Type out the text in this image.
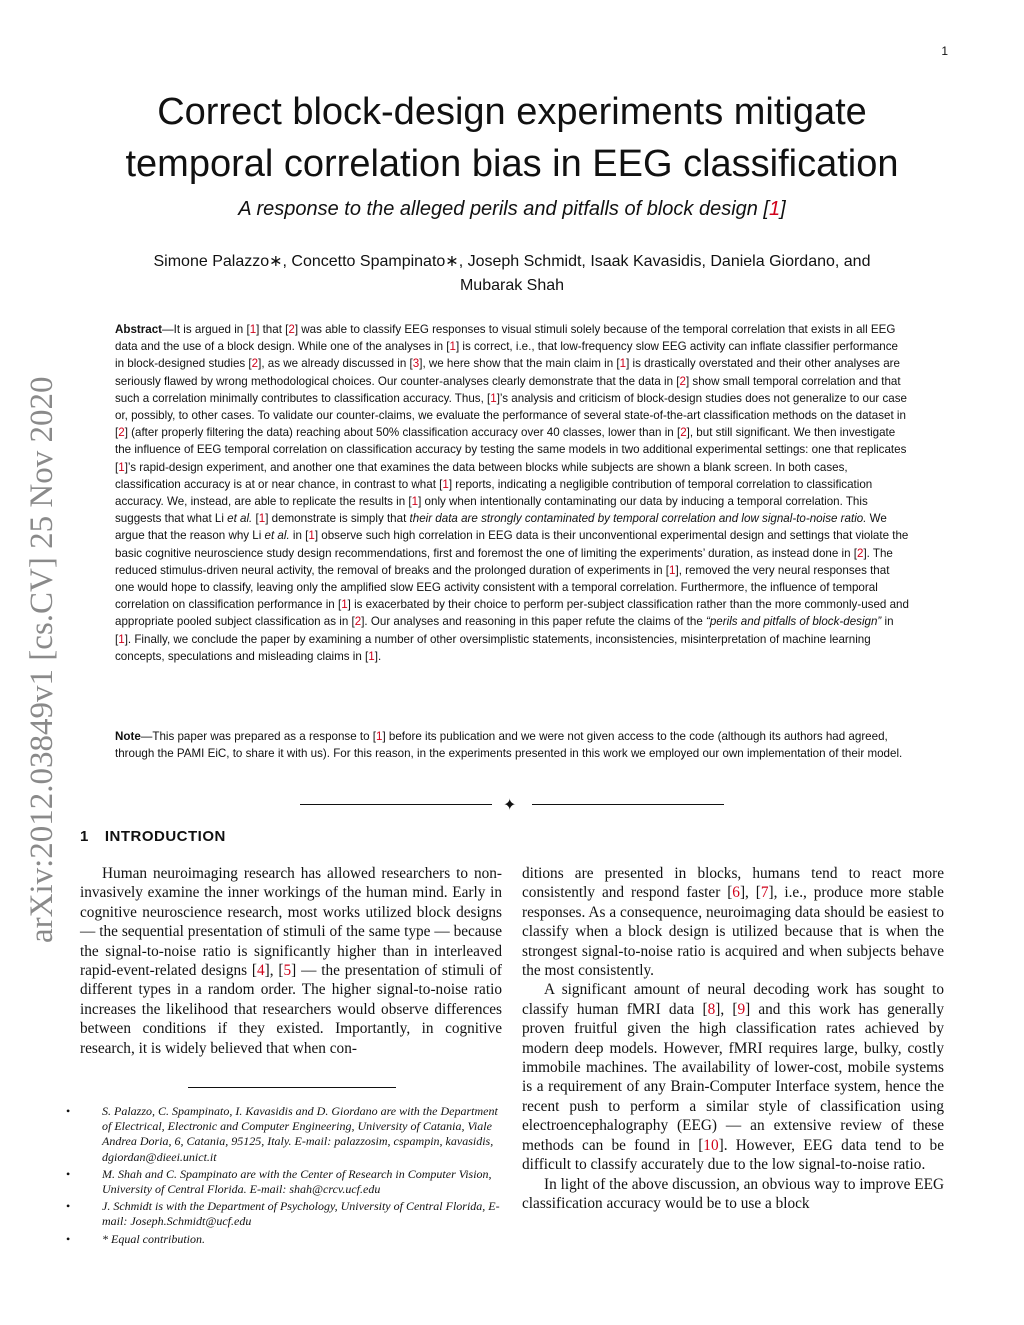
1
arXiv:2012.03849v1 [cs.CV] 25 Nov 2020
Correct block-design experiments mitigate
temporal correlation bias in EEG classification
A response to the alleged perils and pitfalls of block design [1]
Simone Palazzo∗, Concetto Spampinato∗, Joseph Schmidt, Isaak Kavasidis, Daniela Giordano, and
Mubarak Shah

Abstract—It is argued in [1] that [2] was able to classify EEG responses to visual stimuli solely because of the temporal correlation that exists in all EEG data and the use of a block design. While one of the analyses in [1] is correct, i.e., that low-frequency slow EEG activity can inflate classifier performance in block-designed studies [2], as we already discussed in [3], we here show that the main claim in [1] is drastically overstated and their other analyses are seriously flawed by wrong methodological choices. Our counter-analyses clearly demonstrate that the data in [2] show small temporal correlation and that such a correlation minimally contributes to classification accuracy. Thus, [1]’s analysis and criticism of block-design studies does not generalize to our case or, possibly, to other cases. To validate our counter-claims, we evaluate the performance of several state-of-the-art classification methods on the dataset in [2] (after properly filtering the data) reaching about 50% classification accuracy over 40 classes, lower than in [2], but still significant. We then investigate the influence of EEG temporal correlation on classification accuracy by testing the same models in two additional experimental settings: one that replicates [1]’s rapid-design experiment, and another one that examines the data between blocks while subjects are shown a blank screen. In both cases, classification accuracy is at or near chance, in contrast to what [1] reports, indicating a negligible contribution of temporal correlation to classification accuracy. We, instead, are able to replicate the results in [1] only when intentionally contaminating our data by inducing a temporal correlation. This suggests that what Li et al. [1] demonstrate is simply that their data are strongly contaminated by temporal correlation and low signal-to-noise ratio. We argue that the reason why Li et al. in [1] observe such high correlation in EEG data is their unconventional experimental design and settings that violate the basic cognitive neuroscience study design recommendations, first and foremost the one of limiting the experiments’ duration, as instead done in [2]. The reduced stimulus-driven neural activity, the removal of breaks and the prolonged duration of experiments in [1], removed the very neural responses that one would hope to classify, leaving only the amplified slow EEG activity consistent with a temporal correlation. Furthermore, the influence of temporal correlation on classification performance in [1] is exacerbated by their choice to perform per-subject classification rather than the more commonly-used and appropriate pooled subject classification as in [2]. Our analyses and reasoning in this paper refute the claims of the “perils and pitfalls of block-design” in [1]. Finally, we conclude the paper by examining a number of other oversimplistic statements, inconsistencies, misinterpretation of machine learning concepts, speculations and misleading claims in [1].

Note—This paper was prepared as a response to [1] before its publication and we were not given access to the code (although its authors had agreed, through the PAMI EiC, to share it with us). For this reason, in the experiments presented in this work we employed our own implementation of their model.

✦
1 INTRODUCTION

Human neuroimaging research has allowed researchers to non-invasively examine the inner workings of the human mind. Early in cognitive neuroscience research, most works utilized block designs — the sequential presentation of stimuli of the same type — because the signal-to-noise ratio is significantly higher than in interleaved rapid-event-related designs [4], [5] — the presentation of stimuli of different types in a random order. The higher signal-to-noise ratio increases the likelihood that researchers would observe differences between conditions if they existed. Importantly, in cognitive research, it is widely believed that when con-

ditions are presented in blocks, humans tend to react more consistently and respond faster [6], [7], i.e., produce more stable responses. As a consequence, neuroimaging data should be easiest to classify when a block design is utilized because that is when the strongest signal-to-noise ratio is acquired and when subjects behave the most consistently.

A significant amount of neural decoding work has sought to classify human fMRI data [8], [9] and this work has generally proven fruitful given the high classification rates achieved by modern deep models. However, fMRI requires large, bulky, costly immobile machines. The availability of lower-cost, mobile systems is a requirement of any Brain-Computer Interface system, hence the recent push to perform a similar style of classification using electroencephalography (EEG) — an extensive review of these methods can be found in [10]. However, EEG data tend to be difficult to classify accurately due to the low signal-to-noise ratio.

In light of the above discussion, an obvious way to improve EEG classification accuracy would be to use a block

•	S. Palazzo, C. Spampinato, I. Kavasidis and D. Giordano are with the Department of Electrical, Electronic and Computer Engineering, University of Catania, Viale Andrea Doria, 6, Catania, 95125, Italy. E-mail: palazzosim, cspampin, kavasidis, dgiordan@dieei.unict.it
•	M. Shah and C. Spampinato are with the Center of Research in Computer Vision, University of Central Florida. E-mail: shah@crcv.ucf.edu
•	J. Schmidt is with the Department of Psychology, University of Central Florida, E-mail: Joseph.Schmidt@ucf.edu
•	* Equal contribution.
